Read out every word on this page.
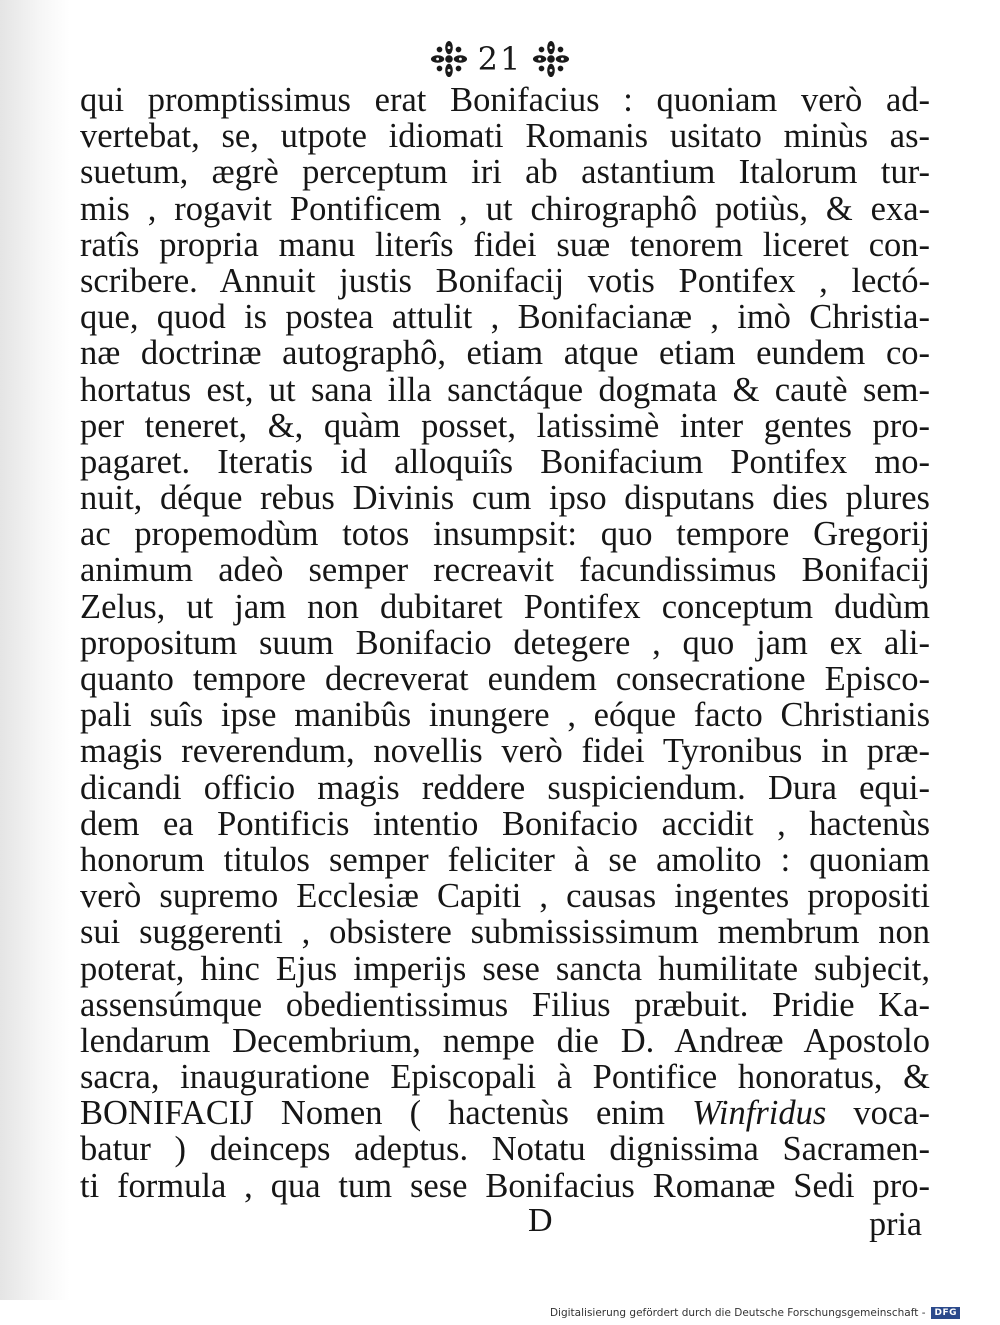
21
qui promptissimus erat Bonifacius : quoniam verò ad-
vertebat, se, utpote idiomati Romanis usitato minùs as-
suetum, ægrè perceptum iri ab astantium Italorum tur-
mis , rogavit Pontificem , ut chirographô potiùs, & exa-
ratîs propria manu literîs fidei suæ tenorem liceret con-
scribere. Annuit justis Bonifacij votis Pontifex , lectó-
que, quod is postea attulit , Bonifacianæ , imò Christia-
næ doctrinæ autographô, etiam atque etiam eundem co-
hortatus est, ut sana illa sanctáque dogmata & cautè sem-
per teneret, &, quàm posset, latissimè inter gentes pro-
pagaret. Iteratis id alloquiîs Bonifacium Pontifex mo-
nuit, déque rebus Divinis cum ipso disputans dies plures
ac propemodùm totos insumpsit: quo tempore Gregorij
animum adeò semper recreavit facundissimus Bonifacij
Zelus, ut jam non dubitaret Pontifex conceptum dudùm
propositum suum Bonifacio detegere , quo jam ex ali-
quanto tempore decreverat eundem consecratione Episco-
pali suîs ipse manibûs inungere , eóque facto Christianis
magis reverendum, novellis verò fidei Tyronibus in præ-
dicandi officio magis reddere suspiciendum. Dura equi-
dem ea Pontificis intentio Bonifacio accidit , hactenùs
honorum titulos semper feliciter à se amolito : quoniam
verò supremo Ecclesiæ Capiti , causas ingentes propositi
sui suggerenti , obsistere submississimum membrum non
poterat, hinc Ejus imperijs sese sancta humilitate subjecit,
assensúmque obedientissimus Filius præbuit. Pridie Ka-
lendarum Decembrium, nempe die D. Andreæ Apostolo
sacra, inauguratione Episcopali à Pontifice honoratus, &
BONIFACIJ Nomen ( hactenùs enim Winfridus voca-
batur ) deinceps adeptus. Notatu dignissima Sacramen-
ti formula , qua tum sese Bonifacius Romanæ Sedi pro-
D	pria
Digitalisierung gefördert durch die Deutsche Forschungsgemeinschaft -	DFG
